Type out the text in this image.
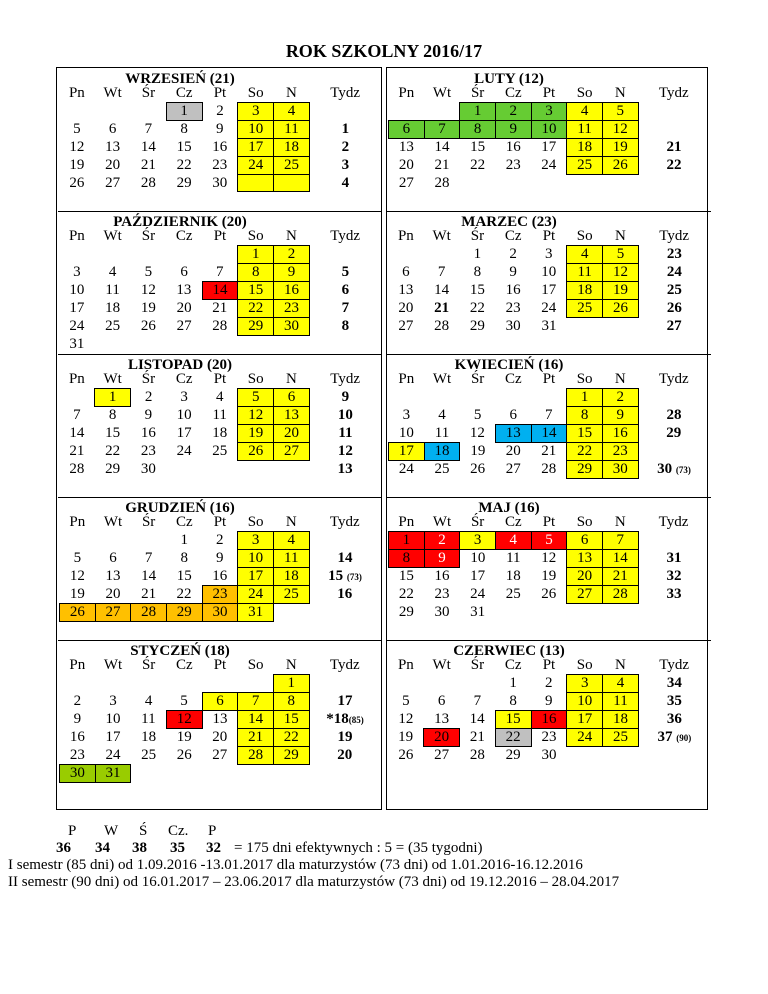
ROK SZKOLNY 2016/17
WRZESIEŃ (21)
Pn	Wt	Śr	Cz	Pt	So	N	Tydz
			1	2	3	4	
5	6	7	8	9	10	11	1
12	13	14	15	16	17	18	2
19	20	21	22	23	24	25	3
26	27	28	29	30			4
LUTY (12)
Pn	Wt	Śr	Cz	Pt	So	N	Tydz
		1	2	3	4	5	
6	7	8	9	10	11	12	
13	14	15	16	17	18	19	21
20	21	22	23	24	25	26	22
27	28						
PAŹDZIERNIK (20)
Pn	Wt	Śr	Cz	Pt	So	N	Tydz
					1	2	
3	4	5	6	7	8	9	5
10	11	12	13	14	15	16	6
17	18	19	20	21	22	23	7
24	25	26	27	28	29	30	8
31							
MARZEC (23)
Pn	Wt	Śr	Cz	Pt	So	N	Tydz
		1	2	3	4	5	23
6	7	8	9	10	11	12	24
13	14	15	16	17	18	19	25
20	21	22	23	24	25	26	26
27	28	29	30	31			27
LISTOPAD (20)
Pn	Wt	Śr	Cz	Pt	So	N	Tydz
	1	2	3	4	5	6	9
7	8	9	10	11	12	13	10
14	15	16	17	18	19	20	11
21	22	23	24	25	26	27	12
28	29	30					13
KWIECIEŃ (16)
Pn	Wt	Śr	Cz	Pt	So	N	Tydz
					1	2	
3	4	5	6	7	8	9	28
10	11	12	13	14	15	16	29
17	18	19	20	21	22	23	
24	25	26	27	28	29	30	30 (73)
GRUDZIEŃ (16)
Pn	Wt	Śr	Cz	Pt	So	N	Tydz
			1	2	3	4	
5	6	7	8	9	10	11	14
12	13	14	15	16	17	18	15 (73)
19	20	21	22	23	24	25	16
26	27	28	29	30	31		
MAJ (16)
Pn	Wt	Śr	Cz	Pt	So	N	Tydz
1	2	3	4	5	6	7	
8	9	10	11	12	13	14	31
15	16	17	18	19	20	21	32
22	23	24	25	26	27	28	33
29	30	31					
STYCZEŃ (18)
Pn	Wt	Śr	Cz	Pt	So	N	Tydz
						1	
2	3	4	5	6	7	8	17
9	10	11	12	13	14	15	*18(85)
16	17	18	19	20	21	22	19
23	24	25	26	27	28	29	20
30	31						
CZERWIEC (13)
Pn	Wt	Śr	Cz	Pt	So	N	Tydz
			1	2	3	4	34
5	6	7	8	9	10	11	35
12	13	14	15	16	17	18	36
19	20	21	22	23	24	25	37 (90)
26	27	28	29	30			
P W Ś Cz. P
36 34 38 35 32 = 175 dni efektywnych : 5 = (35 tygodni)
I semestr (85 dni) od 1.09.2016 -13.01.2017 dla maturzystów (73 dni) od 1.01.2016-16.12.2016
II semestr (90 dni) od 16.01.2017 – 23.06.2017 dla maturzystów (73 dni) od 19.12.2016 – 28.04.2017
